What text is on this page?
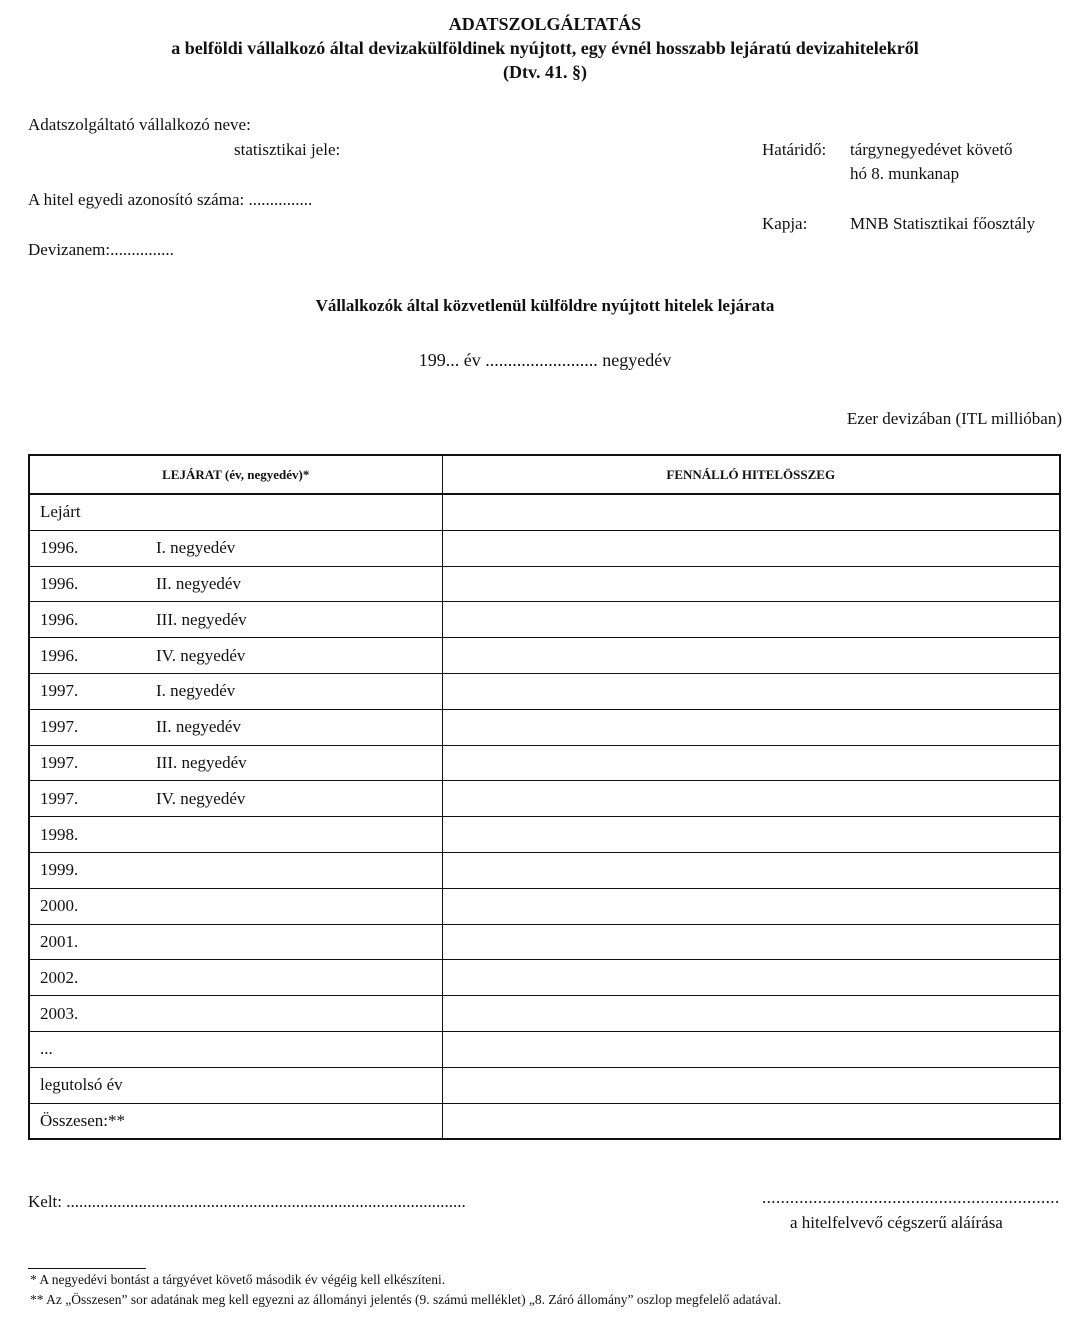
ADATSZOLGÁLTATÁS
a belföldi vállalkozó által devizakülföldinek nyújtott, egy évnél hosszabb lejáratú devizahitelekről
(Dtv. 41. §)
Adatszolgáltató vállalkozó neve:
statisztikai jele:
A hitel egyedi azonosító száma: ...............
Devizanem:...............
Határidő: tárgynegyedévet követő
hó 8. munkanap
Kapja:	MNB Statisztikai főosztály
Vállalkozók által közvetlenül külföldre nyújtott hitelek lejárata
199... év ......................... negyedév
Ezer devizában (ITL millióban)
LEJÁRAT (év, negyedév)*	FENNÁLLÓ HITELÖSSZEG
Lejárt	
1996. I. negyedév	

1996. II. negyedév	

1996. III. negyedév	

1996. IV. negyedév	

1997. I. negyedév	

1997. II. negyedév	

1997. III. negyedév	

1997. IV. negyedév	

1998.	
1999.	
2000.	
2001.	
2002.	
2003.	
...	
legutolsó év	
Összesen:**	
Kelt: ..............................................................................................	................................................................
a hitelfelvevő cégszerű aláírása
* A negyedévi bontást a tárgyévet követő második év végéig kell elkészíteni.
** Az „Összesen” sor adatának meg kell egyezni az állományi jelentés (9. számú melléklet) „8. Záró állomány” oszlop megfelelő adatával.
